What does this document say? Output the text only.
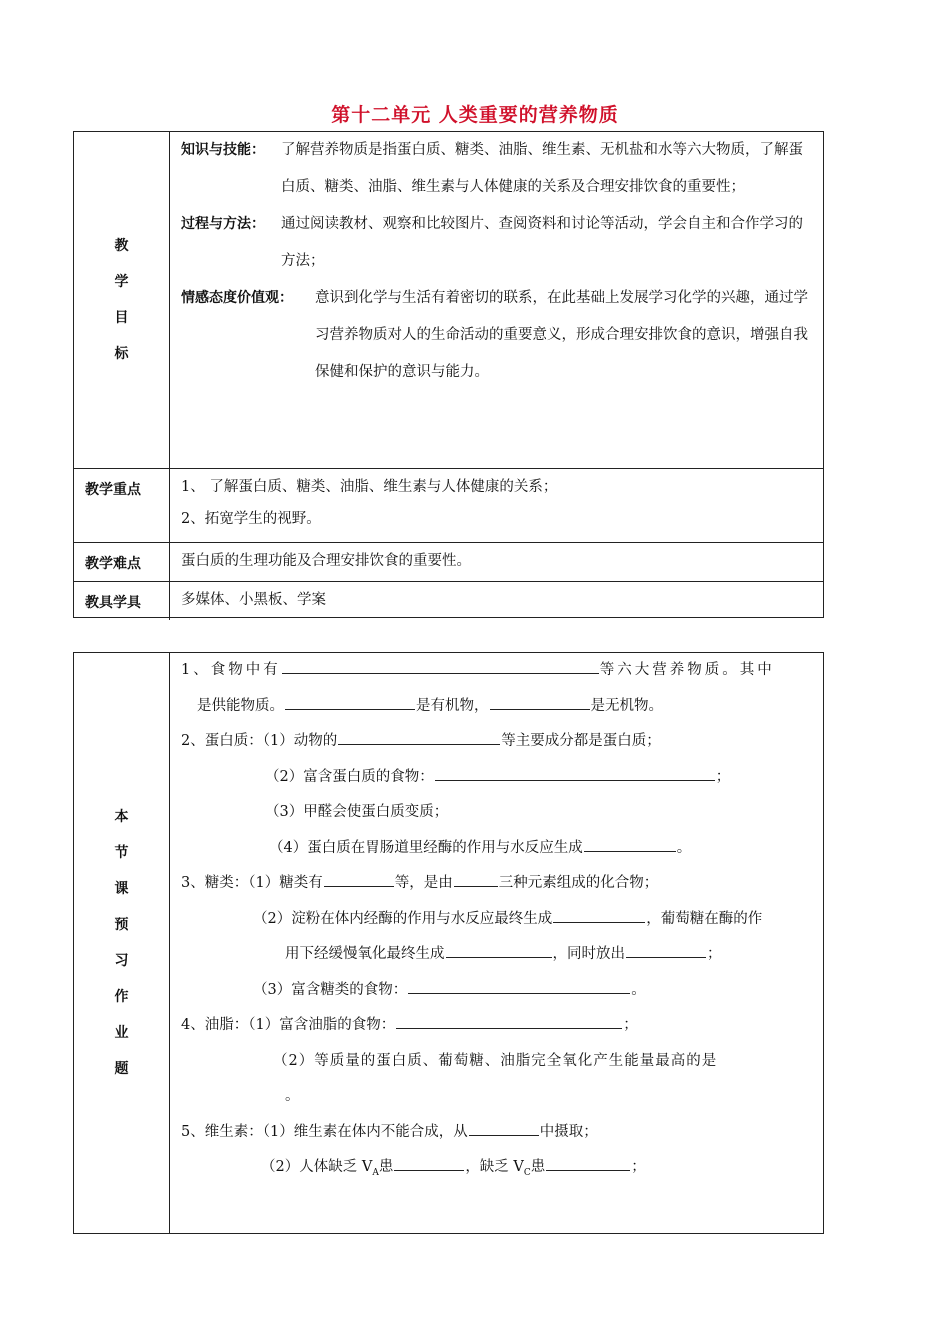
第十二单元 人类重要的营养物质
教
学
目
标
知识与技能：	了解营养物质是指蛋白质、糖类、油脂、维生素、无机盐和水等六大物质，了解蛋白质、糖类、油脂、维生素与人体健康的关系及合理安排饮食的重要性；
过程与方法：	通过阅读教材、观察和比较图片、查阅资料和讨论等活动，学会自主和合作学习的方法；
情感态度价值观：	意识到化学与生活有着密切的联系，在此基础上发展学习化学的兴趣，通过学习营养物质对人的生命活动的重要意义，形成合理安排饮食的意识，增强自我保健和保护的意识与能力。
教学重点	1、 了解蛋白质、糖类、油脂、维生素与人体健康的关系；

2、拓宽学生的视野。

教学难点	蛋白质的生理功能及合理安排饮食的重要性。

教具学具	多媒体、小黑板、学案

本
节
课
预
习
作
业
题

1、食物中有	等六大营养物质。其中

是供能物质。	是有机物，	是无机物。

2、蛋白质：（1）动物的	等主要成分都是蛋白质；

（2）富含蛋白质的食物：	；

（3）甲醛会使蛋白质变质；

（4）蛋白质在胃肠道里经酶的作用与水反应生成	。

3、糖类：（1）糖类有	等，是由	三种元素组成的化合物；

（2）淀粉在体内经酶的作用与水反应最终生成	，葡萄糖在酶的作

用下经缓慢氧化最终生成	，同时放出	；

（3）富含糖类的食物：	。

4、油脂：（1）富含油脂的食物：	；

（2）等质量的蛋白质、葡萄糖、油脂完全氧化产生能量最高的是

。

5、维生素：（1）维生素在体内不能合成，从	中摄取；

（2）人体缺乏 $V_A$患	，缺乏 $V_C$患	；
